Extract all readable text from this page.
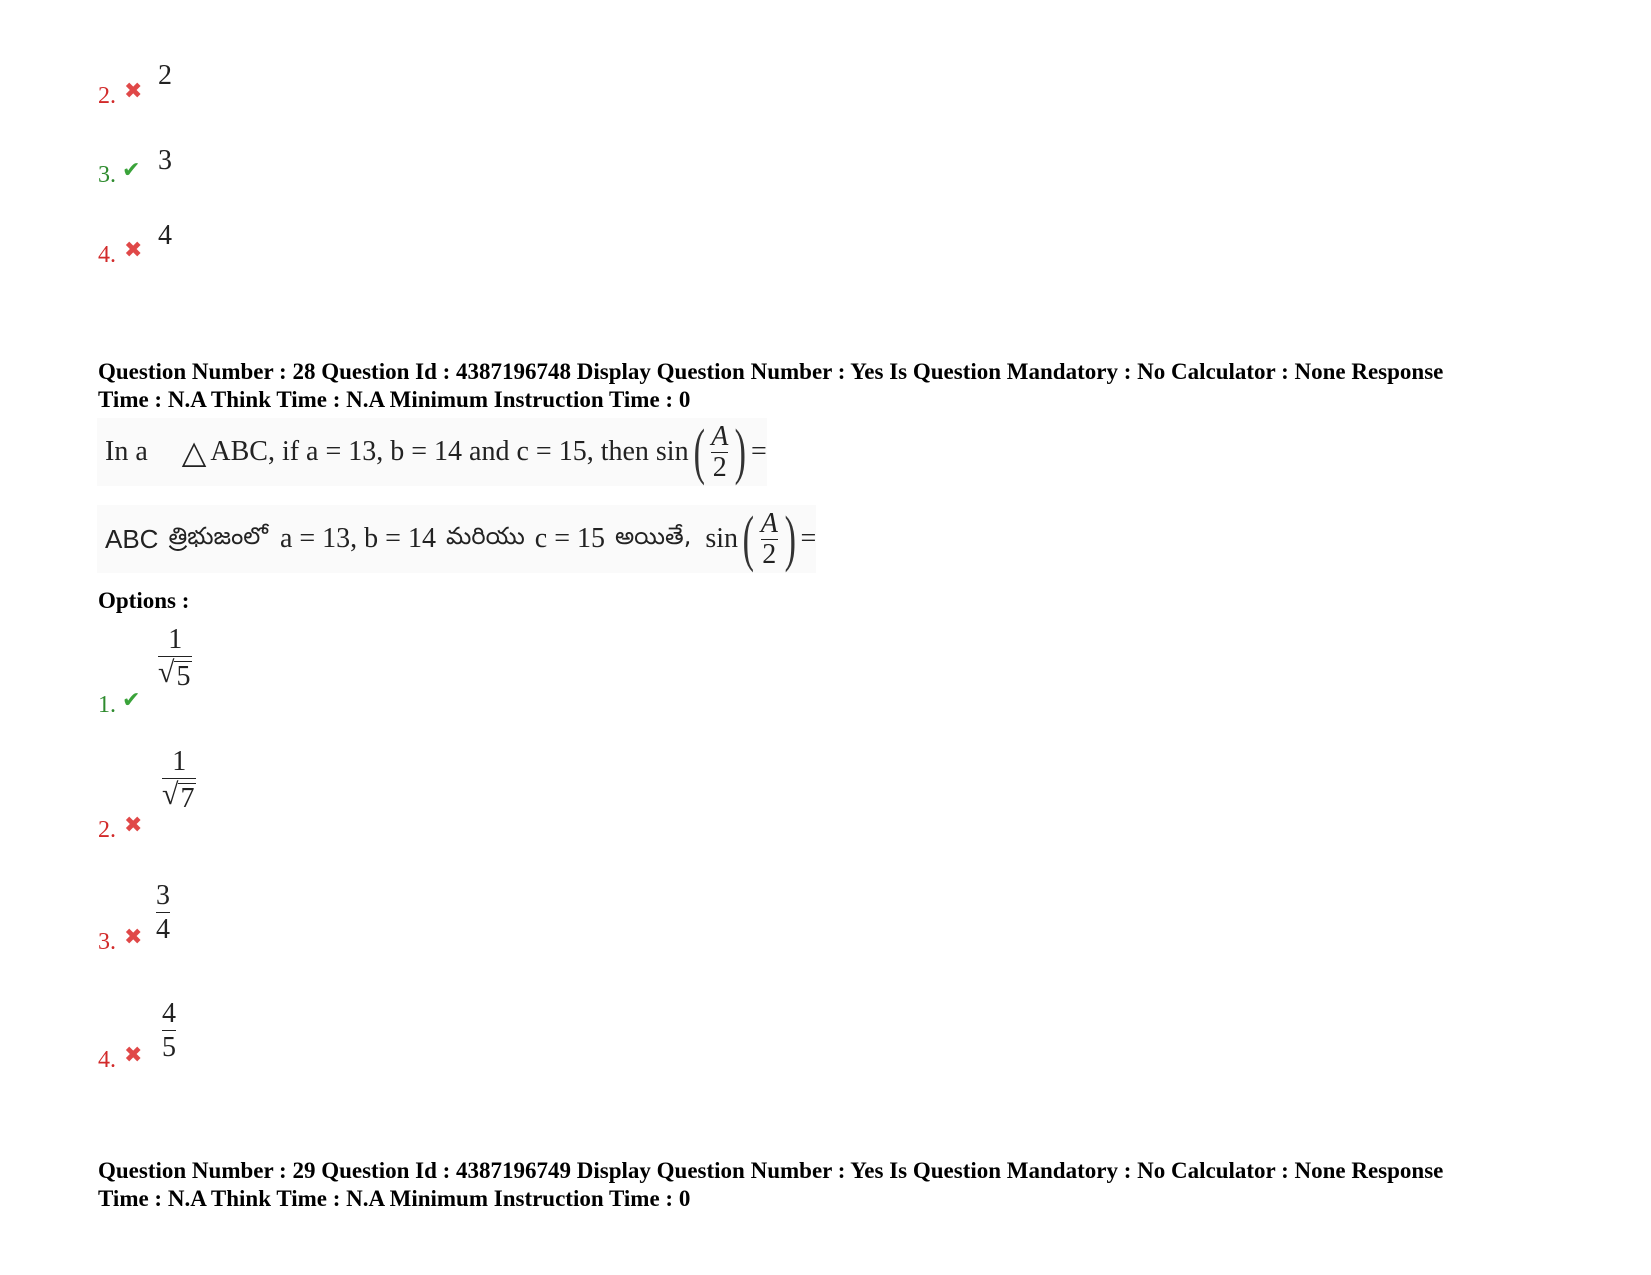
2. ✖ 2
3. ✔ 3
4. ✖ 4
Question Number : 28 Question Id : 4387196748 Display Question Number : Yes Is Question Mandatory : No Calculator : None Response
Time : N.A Think Time : N.A Minimum Instruction Time : 0
In a △ ABC, if a = 13, b = 14 and c = 15, then sin ( $\frac{A}{2}$ ) =
ABC త్రిభుజంలో a = 13, b = 14 మరియు c = 15 అయితే, sin ( $\frac{A}{2}$ ) =
Options :
1. ✔
1
√ 5
2. ✖
1
√ 7
3. ✖
3
4
4. ✖
4
5
Question Number : 29 Question Id : 4387196749 Display Question Number : Yes Is Question Mandatory : No Calculator : None Response
Time : N.A Think Time : N.A Minimum Instruction Time : 0
